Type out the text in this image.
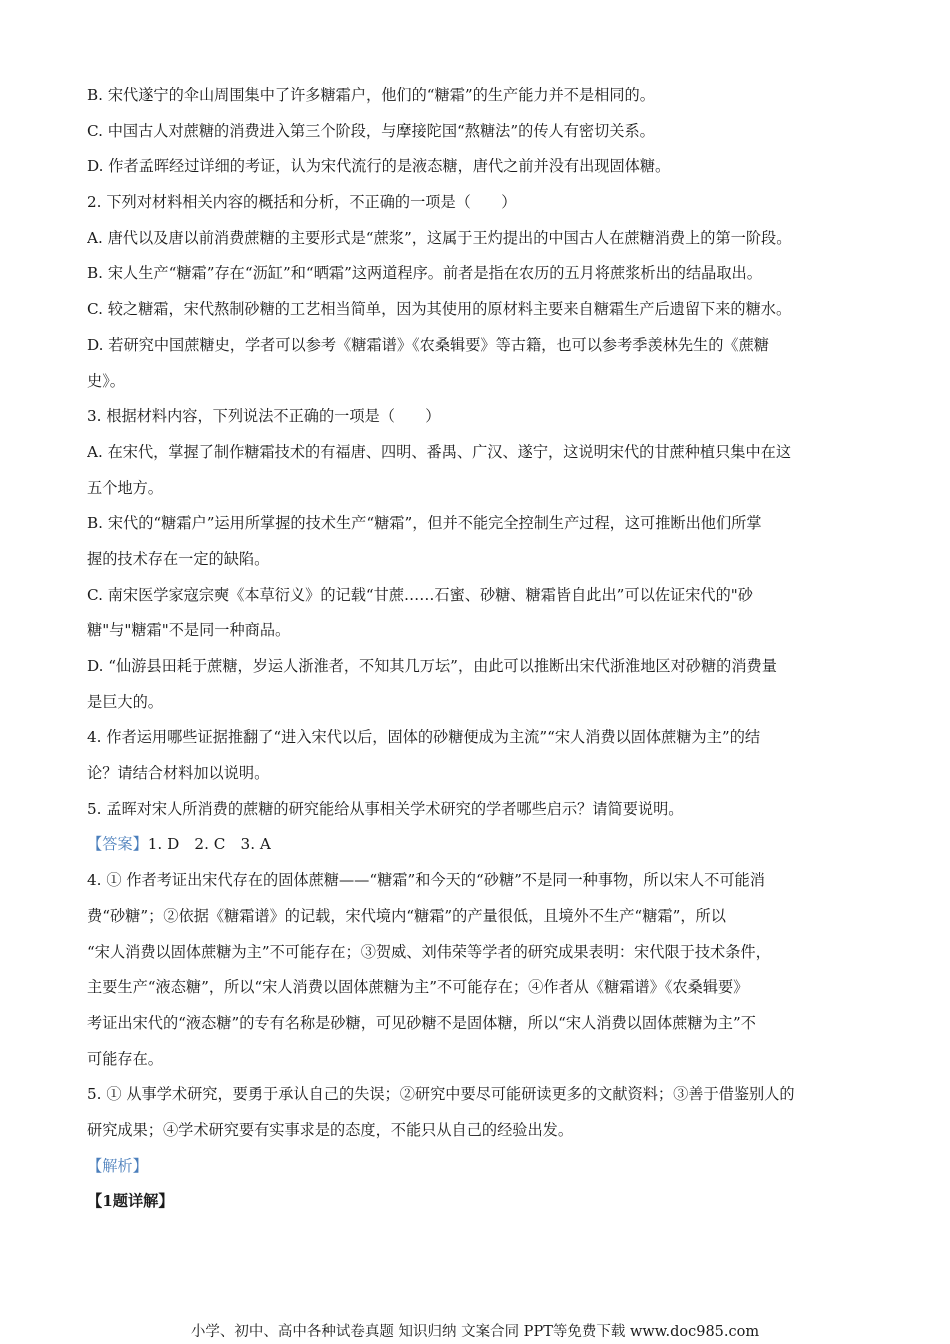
B. 宋代遂宁的伞山周围集中了许多糖霜户，他们的“糖霜”的生产能力并不是相同的。
C. 中国古人对蔗糖的消费进入第三个阶段，与摩接陀国“熬糖法”的传人有密切关系。
D. 作者孟晖经过详细的考证，认为宋代流行的是液态糖，唐代之前并没有出现固体糖。
2. 下列对材料相关内容的概括和分析，不正确的一项是（　　）
A. 唐代以及唐以前消费蔗糖的主要形式是“蔗浆”，这属于王灼提出的中国古人在蔗糖消费上的第一阶段。
B. 宋人生产“糖霜”存在“沥缸”和“晒霜”这两道程序。前者是指在农历的五月将蔗浆析出的结晶取出。
C. 较之糖霜，宋代熬制砂糖的工艺相当简单，因为其使用的原材料主要来自糖霜生产后遗留下来的糖水。
D. 若研究中国蔗糖史，学者可以参考《糖霜谱》《农桑辑要》等古籍，也可以参考季羡林先生的《蔗糖
史》。
3. 根据材料内容，下列说法不正确的一项是（　　）
A. 在宋代，掌握了制作糖霜技术的有福唐、四明、番禺、广汉、遂宁，这说明宋代的甘蔗种植只集中在这
五个地方。
B. 宋代的“糖霜户”运用所掌握的技术生产“糖霜”，但并不能完全控制生产过程，这可推断出他们所掌
握的技术存在一定的缺陷。
C. 南宋医学家寇宗奭《本草衍义》的记载“甘蔗……石蜜、砂糖、糖霜皆自此出”可以佐证宋代的"砂
糖"与"糖霜"不是同一种商品。
D. “仙游县田耗于蔗糖，岁运人浙淮者，不知其几万坛”，由此可以推断出宋代浙淮地区对砂糖的消费量
是巨大的。
4. 作者运用哪些证据推翻了“进入宋代以后，固体的砂糖便成为主流”“宋人消费以固体蔗糖为主”的结
论？请结合材料加以说明。
5. 孟晖对宋人所消费的蔗糖的研究能给从事相关学术研究的学者哪些启示？请简要说明。
【答案】1. D　2. C　3. A
4. ① 作者考证出宋代存在的固体蔗糖——“糖霜”和今天的“砂糖”不是同一种事物，所以宋人不可能消
费“砂糖”；②依据《糖霜谱》的记载，宋代境内“糖霜”的产量很低，且境外不生产“糖霜”，所以
“宋人消费以固体蔗糖为主”不可能存在；③贺威、刘伟荣等学者的研究成果表明：宋代限于技术条件，
主要生产“液态糖”，所以“宋人消费以固体蔗糖为主”不可能存在；④作者从《糖霜谱》《农桑辑要》
考证出宋代的“液态糖”的专有名称是砂糖，可见砂糖不是固体糖，所以“宋人消费以固体蔗糖为主”不
可能存在。
5. ① 从事学术研究，要勇于承认自己的失误；②研究中要尽可能研读更多的文献资料；③善于借鉴别人的
研究成果；④学术研究要有实事求是的态度，不能只从自己的经验出发。
【解析】
【1题详解】
小学、初中、高中各种试卷真题 知识归纳 文案合同 PPT等免费下载 www.doc985.com
